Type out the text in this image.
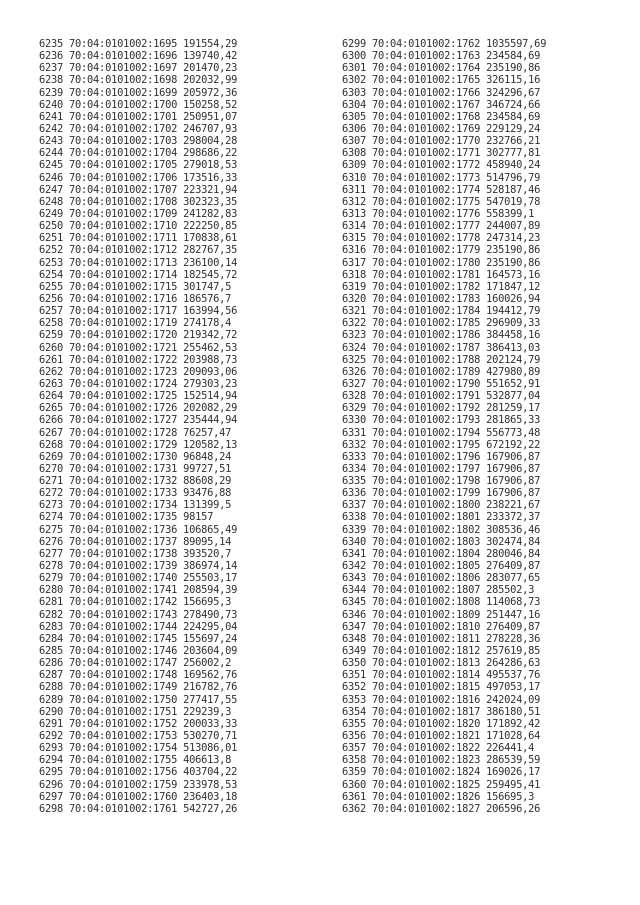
6235 70:04:0101002:1695 191554,29
6236 70:04:0101002:1696 139740,42
6237 70:04:0101002:1697 201470,23
6238 70:04:0101002:1698 202032,99
6239 70:04:0101002:1699 205972,36
6240 70:04:0101002:1700 150258,52
6241 70:04:0101002:1701 250951,07
6242 70:04:0101002:1702 246707,93
6243 70:04:0101002:1703 298004,28
6244 70:04:0101002:1704 298686,22
6245 70:04:0101002:1705 279018,53
6246 70:04:0101002:1706 173516,33
6247 70:04:0101002:1707 223321,94
6248 70:04:0101002:1708 302323,35
6249 70:04:0101002:1709 241282,83
6250 70:04:0101002:1710 222250,85
6251 70:04:0101002:1711 170838,61
6252 70:04:0101002:1712 282767,35
6253 70:04:0101002:1713 236100,14
6254 70:04:0101002:1714 182545,72
6255 70:04:0101002:1715 301747,5
6256 70:04:0101002:1716 186576,7
6257 70:04:0101002:1717 163994,56
6258 70:04:0101002:1719 274178,4
6259 70:04:0101002:1720 219342,72
6260 70:04:0101002:1721 255462,53
6261 70:04:0101002:1722 203988,73
6262 70:04:0101002:1723 209093,06
6263 70:04:0101002:1724 279303,23
6264 70:04:0101002:1725 152514,94
6265 70:04:0101002:1726 202082,29
6266 70:04:0101002:1727 235444,94
6267 70:04:0101002:1728 76257,47
6268 70:04:0101002:1729 120582,13
6269 70:04:0101002:1730 96848,24
6270 70:04:0101002:1731 99727,51
6271 70:04:0101002:1732 88608,29
6272 70:04:0101002:1733 93476,88
6273 70:04:0101002:1734 131399,5
6274 70:04:0101002:1735 98157
6275 70:04:0101002:1736 106865,49
6276 70:04:0101002:1737 89095,14
6277 70:04:0101002:1738 393520,7
6278 70:04:0101002:1739 386974,14
6279 70:04:0101002:1740 255503,17
6280 70:04:0101002:1741 208594,39
6281 70:04:0101002:1742 156695,3
6282 70:04:0101002:1743 278490,73
6283 70:04:0101002:1744 224295,04
6284 70:04:0101002:1745 155697,24
6285 70:04:0101002:1746 203604,09
6286 70:04:0101002:1747 256002,2
6287 70:04:0101002:1748 169562,76
6288 70:04:0101002:1749 216782,76
6289 70:04:0101002:1750 277417,55
6290 70:04:0101002:1751 229239,3
6291 70:04:0101002:1752 200033,33
6292 70:04:0101002:1753 530270,71
6293 70:04:0101002:1754 513086,01
6294 70:04:0101002:1755 406613,8
6295 70:04:0101002:1756 403704,22
6296 70:04:0101002:1759 233978,53
6297 70:04:0101002:1760 236403,18
6298 70:04:0101002:1761 542727,26
6299 70:04:0101002:1762 1035597,69
6300 70:04:0101002:1763 234584,69
6301 70:04:0101002:1764 235190,86
6302 70:04:0101002:1765 326115,16
6303 70:04:0101002:1766 324296,67
6304 70:04:0101002:1767 346724,66
6305 70:04:0101002:1768 234584,69
6306 70:04:0101002:1769 229129,24
6307 70:04:0101002:1770 232766,21
6308 70:04:0101002:1771 302777,81
6309 70:04:0101002:1772 458940,24
6310 70:04:0101002:1773 514796,79
6311 70:04:0101002:1774 528187,46
6312 70:04:0101002:1775 547019,78
6313 70:04:0101002:1776 558399,1
6314 70:04:0101002:1777 244007,89
6315 70:04:0101002:1778 247314,23
6316 70:04:0101002:1779 235190,86
6317 70:04:0101002:1780 235190,86
6318 70:04:0101002:1781 164573,16
6319 70:04:0101002:1782 171847,12
6320 70:04:0101002:1783 160026,94
6321 70:04:0101002:1784 194412,79
6322 70:04:0101002:1785 296909,33
6323 70:04:0101002:1786 384458,16
6324 70:04:0101002:1787 386413,03
6325 70:04:0101002:1788 202124,79
6326 70:04:0101002:1789 427980,89
6327 70:04:0101002:1790 551652,91
6328 70:04:0101002:1791 532877,04
6329 70:04:0101002:1792 281259,17
6330 70:04:0101002:1793 281865,33
6331 70:04:0101002:1794 556773,48
6332 70:04:0101002:1795 672192,22
6333 70:04:0101002:1796 167906,87
6334 70:04:0101002:1797 167906,87
6335 70:04:0101002:1798 167906,87
6336 70:04:0101002:1799 167906,87
6337 70:04:0101002:1800 238221,67
6338 70:04:0101002:1801 233372,37
6339 70:04:0101002:1802 308536,46
6340 70:04:0101002:1803 302474,84
6341 70:04:0101002:1804 280046,84
6342 70:04:0101002:1805 276409,87
6343 70:04:0101002:1806 283077,65
6344 70:04:0101002:1807 285502,3
6345 70:04:0101002:1808 114068,73
6346 70:04:0101002:1809 251447,16
6347 70:04:0101002:1810 276409,87
6348 70:04:0101002:1811 278228,36
6349 70:04:0101002:1812 257619,85
6350 70:04:0101002:1813 264286,63
6351 70:04:0101002:1814 495537,76
6352 70:04:0101002:1815 497053,17
6353 70:04:0101002:1816 242024,09
6354 70:04:0101002:1817 386180,51
6355 70:04:0101002:1820 171892,42
6356 70:04:0101002:1821 171028,64
6357 70:04:0101002:1822 226441,4
6358 70:04:0101002:1823 286539,59
6359 70:04:0101002:1824 169026,17
6360 70:04:0101002:1825 259495,41
6361 70:04:0101002:1826 156695,3
6362 70:04:0101002:1827 206596,26
